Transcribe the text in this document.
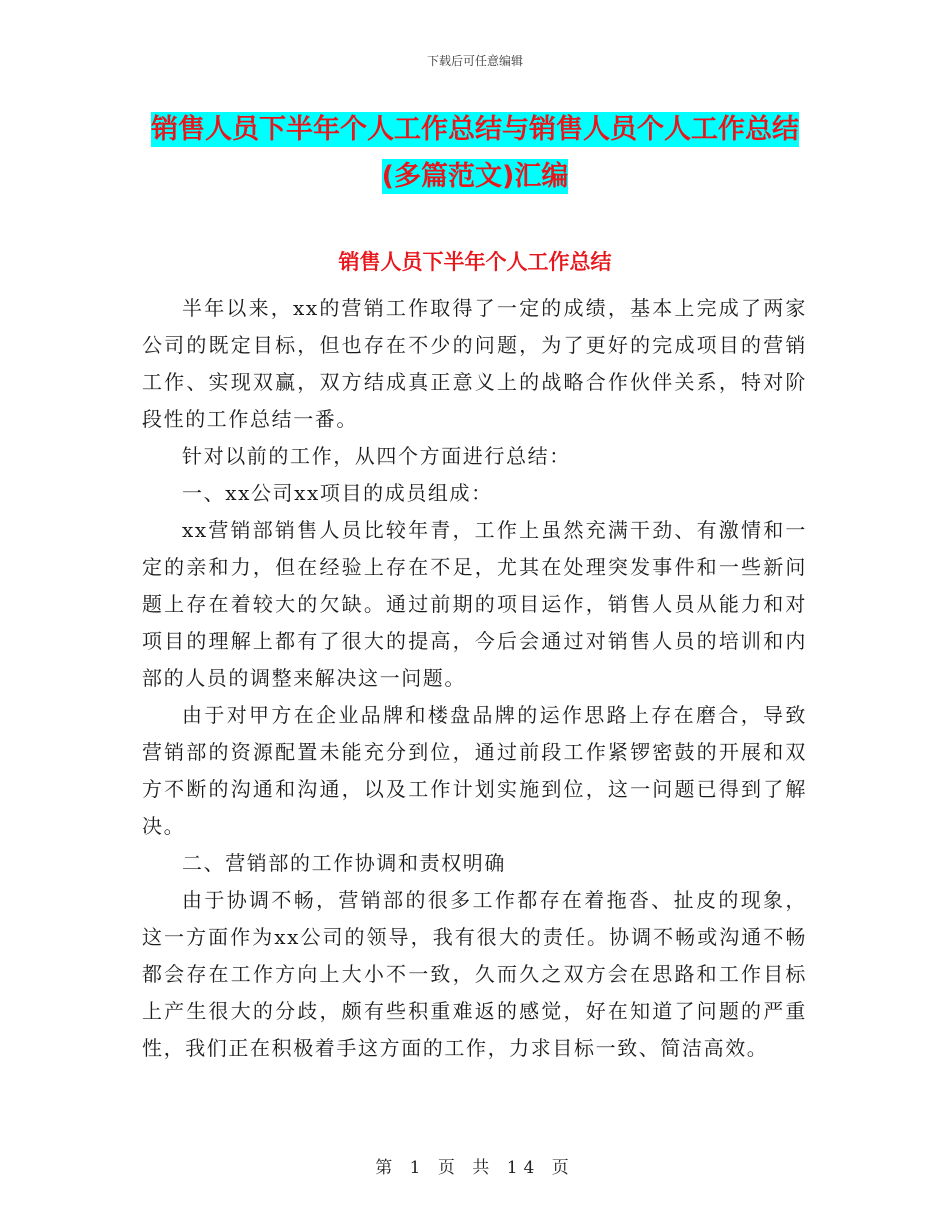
下载后可任意编辑
销售人员下半年个人工作总结与销售人员个人工作总结(多篇范文)汇编
销售人员下半年个人工作总结

半年以来，xx的营销工作取得了一定的成绩，基本上完成了两家公司的既定目标，但也存在不少的问题，为了更好的完成项目的营销工作、实现双赢，双方结成真正意义上的战略合作伙伴关系，特对阶段性的工作总结一番。

针对以前的工作，从四个方面进行总结：

一、xx公司xx项目的成员组成：

xx营销部销售人员比较年青，工作上虽然充满干劲、有激情和一定的亲和力，但在经验上存在不足，尤其在处理突发事件和一些新问题上存在着较大的欠缺。通过前期的项目运作，销售人员从能力和对项目的理解上都有了很大的提高，今后会通过对销售人员的培训和内部的人员的调整来解决这一问题。

由于对甲方在企业品牌和楼盘品牌的运作思路上存在磨合，导致营销部的资源配置未能充分到位，通过前段工作紧锣密鼓的开展和双方不断的沟通和沟通，以及工作计划实施到位，这一问题已得到了解决。

二、营销部的工作协调和责权明确

由于协调不畅，营销部的很多工作都存在着拖沓、扯皮的现象，这一方面作为xx公司的领导，我有很大的责任。协调不畅或沟通不畅都会存在工作方向上大小不一致，久而久之双方会在思路和工作目标上产生很大的分歧，颇有些积重难返的感觉，好在知道了问题的严重性，我们正在积极着手这方面的工作，力求目标一致、简洁高效。

第 1 页 共 14 页
